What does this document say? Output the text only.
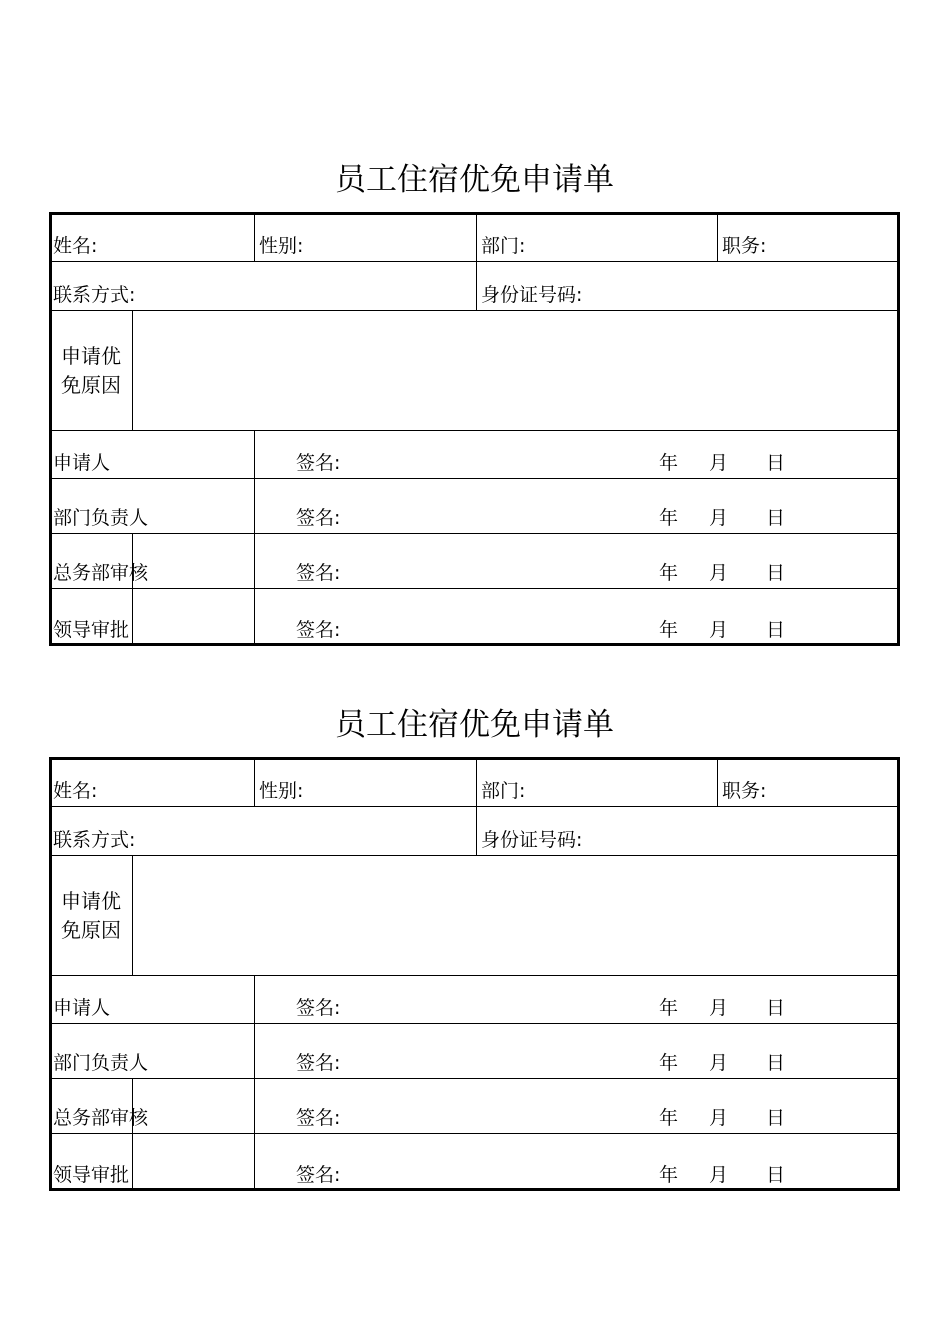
员工住宿优免申请单
姓名:	性别:	部门:	职务:
联系方式:	身份证号码:
申请优免原因
申请人	签名:	年 月 日
部门负责人	签名:	年 月 日
总务部审核	签名:	年 月 日
领导审批	签名:	年 月 日
员工住宿优免申请单
姓名:	性别:	部门:	职务:
联系方式:	身份证号码:
申请优免原因
申请人	签名:	年 月 日
部门负责人	签名:	年 月 日
总务部审核	签名:	年 月 日
领导审批	签名:	年 月 日
